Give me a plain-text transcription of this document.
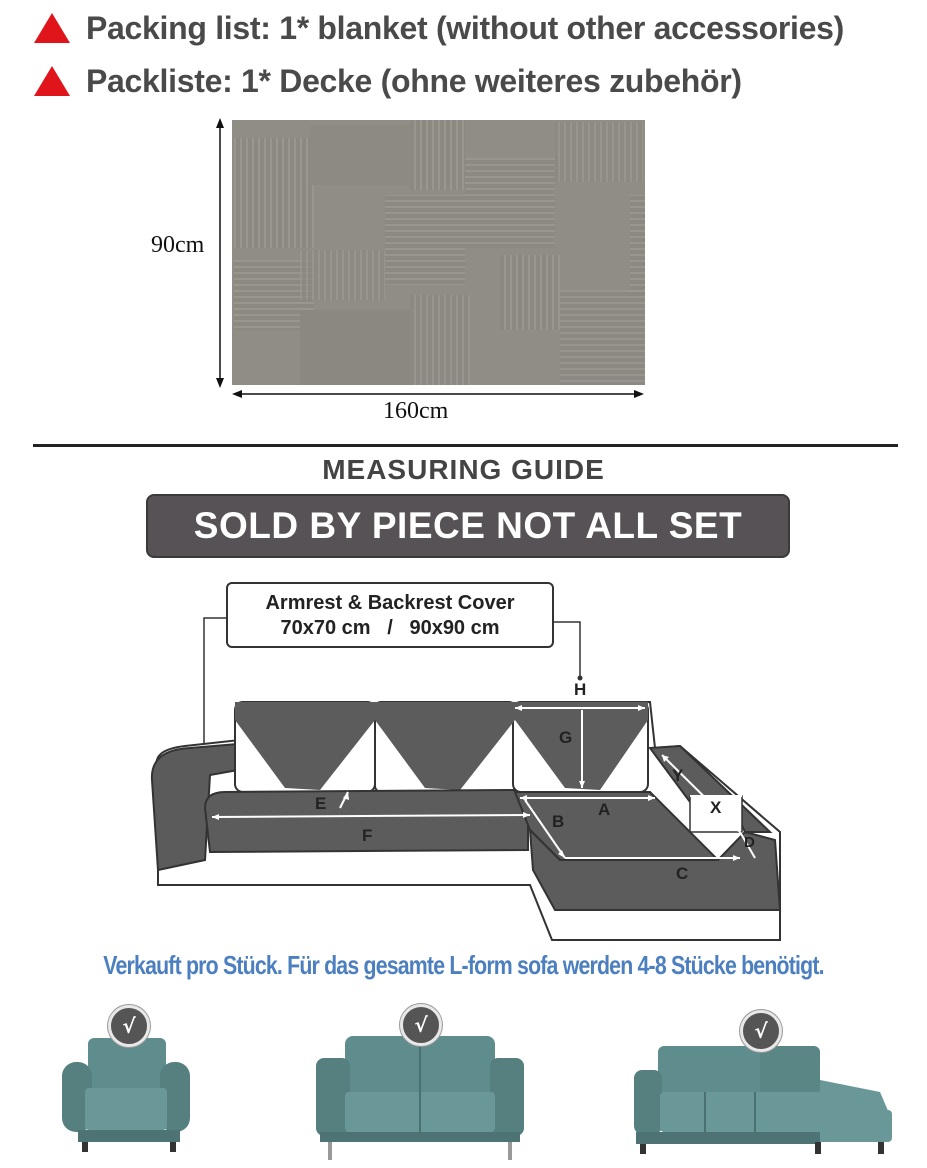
Packing list: 1* blanket (without other accessories)
Packliste: 1* Decke (ohne weiteres zubehör)
90cm
160cm
MEASURING GUIDE
SOLD BY PIECE NOT ALL SET
H
G
Y
X
E	A
B
F	D
C
Armrest & Backrest Cover
70x70 cm   /   90x90 cm
Verkauft pro Stück. Für das gesamte L-form sofa werden 4-8 Stücke benötigt.
√	√	√
